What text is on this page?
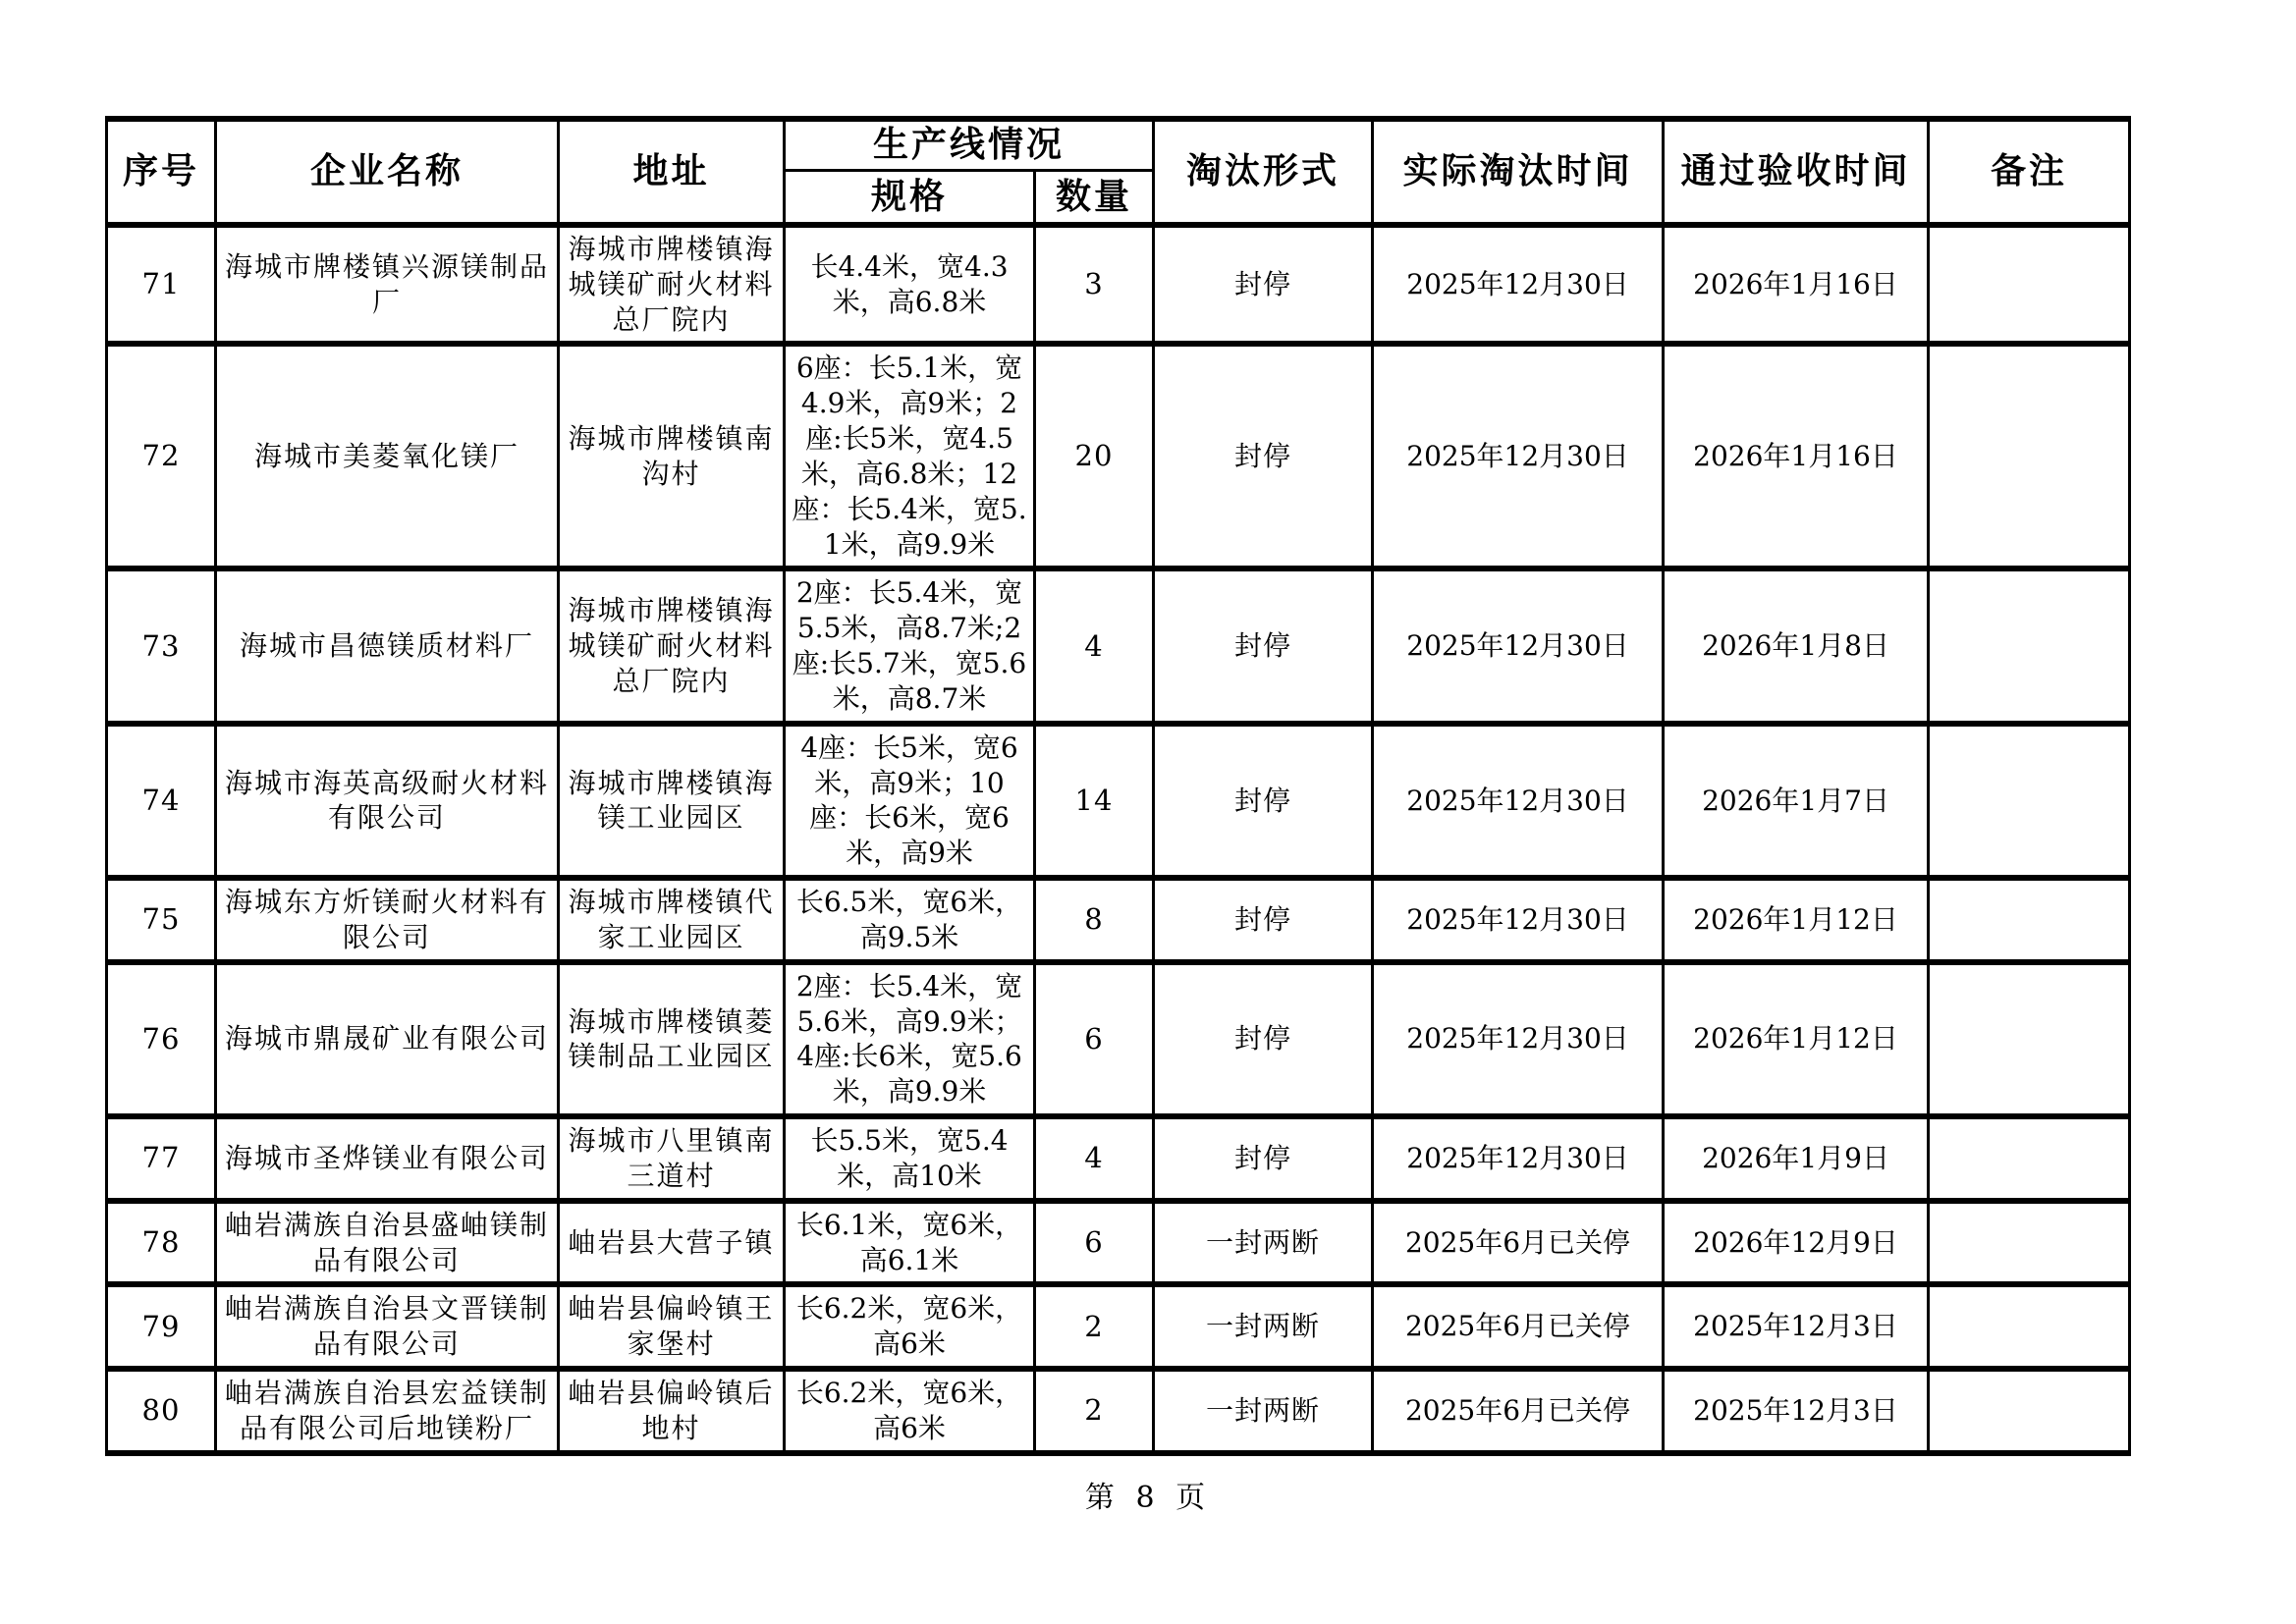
序号	企业名称	地址	生产线情况		淘汰形式	实际淘汰时间	通过验收时间	备注
			规格	数量				
71	海城市牌楼镇兴源镁制品厂	海城市牌楼镇海城镁矿耐火材料总厂院内	长4.4米，宽4.3米，高6.8米	3	封停	2025年12月30日	2026年1月16日	
72	海城市美菱氧化镁厂	海城市牌楼镇南沟村	6座：长5.1米，宽4.9米，高9米；2座:长5米，宽4.5米，高6.8米；12座：长5.4米，宽5.1米，高9.9米	20	封停	2025年12月30日	2026年1月16日	
73	海城市昌德镁质材料厂	海城市牌楼镇海城镁矿耐火材料总厂院内	2座：长5.4米，宽5.5米，高8.7米;2座:长5.7米，宽5.6米，高8.7米	4	封停	2025年12月30日	2026年1月8日	
74	海城市海英高级耐火材料有限公司	海城市牌楼镇海镁工业园区	4座：长5米，宽6米，高9米；10座：长6米，宽6米，高9米	14	封停	2025年12月30日	2026年1月7日	
75	海城东方炘镁耐火材料有限公司	海城市牌楼镇代家工业园区	长6.5米，宽6米，高9.5米	8	封停	2025年12月30日	2026年1月12日	
76	海城市鼎晟矿业有限公司	海城市牌楼镇菱镁制品工业园区	2座：长5.4米，宽5.6米，高9.9米；4座:长6米，宽5.6米，高9.9米	6	封停	2025年12月30日	2026年1月12日	
77	海城市圣烨镁业有限公司	海城市八里镇南三道村	长5.5米，宽5.4米，高10米	4	封停	2025年12月30日	2026年1月9日	
78	岫岩满族自治县盛岫镁制品有限公司	岫岩县大营子镇	长6.1米，宽6米，高6.1米	6	一封两断	2025年6月已关停	2026年12月9日	
79	岫岩满族自治县文晋镁制品有限公司	岫岩县偏岭镇王家堡村	长6.2米，宽6米，高6米	2	一封两断	2025年6月已关停	2025年12月3日	
80	岫岩满族自治县宏益镁制品有限公司后地镁粉厂	岫岩县偏岭镇后地村	长6.2米，宽6米，高6米	2	一封两断	2025年6月已关停	2025年12月3日	
第 8 页
